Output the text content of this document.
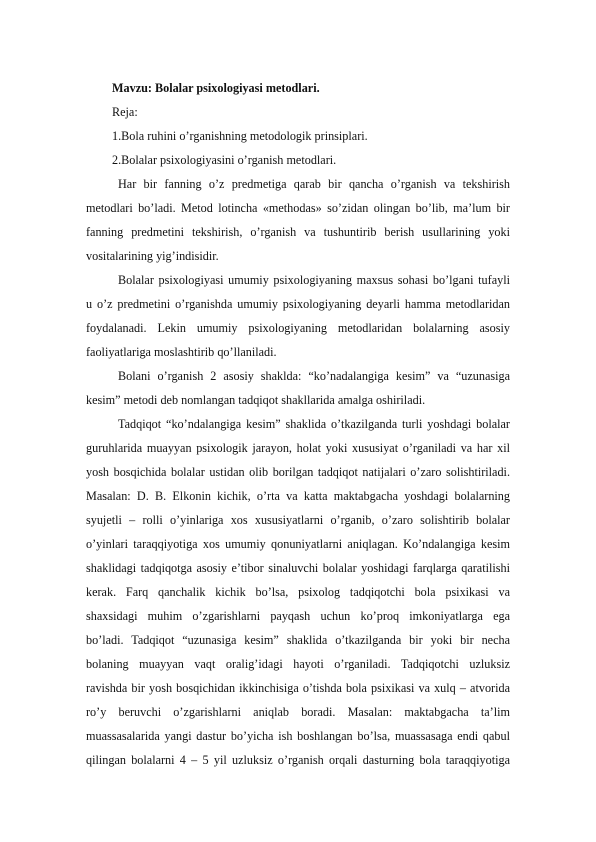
Mavzu: Bolalar psixologiyasi metodlari.
Reja:
1.Bola ruhini o’rganishning metodologik prinsiplari.
2.Bolalar psixologiyasini o’rganish metodlari.
Har bir fanning o’z predmetiga qarab bir qancha o’rganish va tekshirish
metodlari bo’ladi. Metod lotincha «methodas» so’zidan olingan bo’lib, ma’lum bir
fanning predmetini tekshirish, o’rganish va tushuntirib berish usullarining yoki
vositalarining yig’indisidir.
Bolalar psixologiyasi umumiy psixologiyaning maxsus sohasi bo’lgani tufayli
u o’z predmetini o’rganishda umumiy psixologiyaning deyarli hamma metodlaridan
foydalanadi. Lekin umumiy psixologiyaning metodlaridan bolalarning asosiy
faoliyatlariga moslashtirib qo’llaniladi.
Bolani o’rganish 2 asosiy shaklda: “ko’nadalangiga kesim” va “uzunasiga
kesim” metodi deb nomlangan tadqiqot shakllarida amalga oshiriladi.
Tadqiqot “ko’ndalangiga kesim” shaklida o’tkazilganda turli yoshdagi bolalar
guruhlarida muayyan psixologik jarayon, holat yoki xususiyat o’rganiladi va har xil
yosh bosqichida bolalar ustidan olib borilgan tadqiqot natijalari o’zaro solishtiriladi.
Masalan: D. B. Elkonin kichik, o’rta va katta maktabgacha yoshdagi bolalarning
syujetli – rolli o’yinlariga xos xususiyatlarni o’rganib, o’zaro solishtirib bolalar
o’yinlari taraqqiyotiga xos umumiy qonuniyatlarni aniqlagan. Ko’ndalangiga kesim
shaklidagi tadqiqotga asosiy e’tibor sinaluvchi bolalar yoshidagi farqlarga qaratilishi
kerak. Farq qanchalik kichik bo’lsa, psixolog tadqiqotchi bola psixikasi va
shaxsidagi muhim o’zgarishlarni payqash uchun ko’proq imkoniyatlarga ega
bo’ladi. Tadqiqot “uzunasiga kesim” shaklida o’tkazilganda bir yoki bir necha
bolaning muayyan vaqt oralig’idagi hayoti o’rganiladi. Tadqiqotchi uzluksiz
ravishda bir yosh bosqichidan ikkinchisiga o’tishda bola psixikasi va xulq – atvorida
ro’y beruvchi o’zgarishlarni aniqlab boradi. Masalan: maktabgacha ta’lim
muassasalarida yangi dastur bo’yicha ish boshlangan bo’lsa, muassasaga endi qabul
qilingan bolalarni 4 – 5 yil uzluksiz o’rganish orqali dasturning bola taraqqiyotiga
